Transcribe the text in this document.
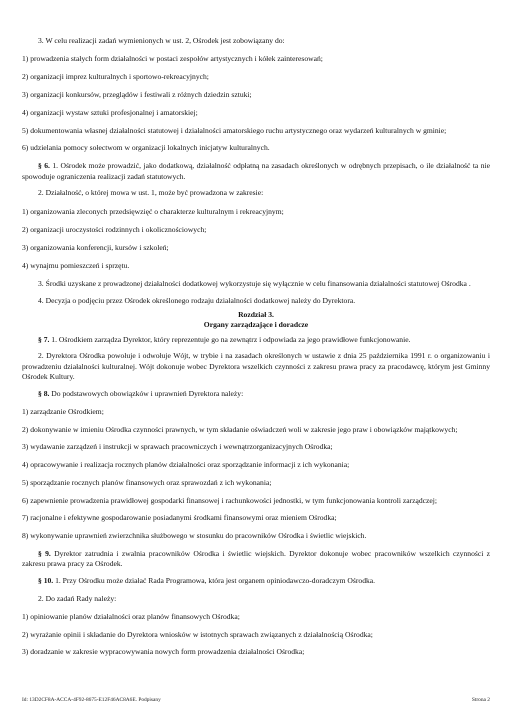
3. W celu realizacji zadań wymienionych w ust. 2, Ośrodek jest zobowiązany do:

1) prowadzenia stałych form działalności w postaci zespołów artystycznych i kółek zainteresowań;

2) organizacji imprez kulturalnych i sportowo-rekreacyjnych;

3) organizacji konkursów, przeglądów i festiwali z różnych dziedzin sztuki;

4) organizacji wystaw sztuki profesjonalnej i amatorskiej;

5) dokumentowania własnej działalności statutowej i działalności amatorskiego ruchu artystycznego oraz wydarzeń kulturalnych w gminie;

6) udzielania pomocy sołectwom w organizacji lokalnych inicjatyw kulturalnych.

§ 6. 1. Ośrodek może prowadzić, jako dodatkową, działalność odpłatną na zasadach określonych w odrębnych przepisach, o ile działalność ta nie spowoduje ograniczenia realizacji zadań statutowych.

2. Działalność, o której mowa w ust. 1, może być prowadzona w zakresie:

1) organizowania zleconych przedsięwzięć o charakterze kulturalnym i rekreacyjnym;

2) organizacji uroczystości rodzinnych i okolicznościowych;

3) organizowania konferencji, kursów i szkoleń;

4) wynajmu pomieszczeń i sprzętu.

3. Środki uzyskane z prowadzonej działalności dodatkowej wykorzystuje się wyłącznie w celu finansowania działalności statutowej Ośrodka .

4. Decyzja o podjęciu przez Ośrodek określonego rodzaju działalności dodatkowej należy do Dyrektora.

Rozdział 3.

Organy zarządzające i doradcze

§ 7. 1. Ośrodkiem zarządza Dyrektor, który reprezentuje go na zewnątrz i odpowiada za jego prawidłowe funkcjonowanie.

2. Dyrektora Ośrodka powołuje i odwołuje Wójt, w trybie i na zasadach określonych w ustawie z dnia 25 października 1991 r. o organizowaniu i prowadzeniu działalności kulturalnej. Wójt dokonuje wobec Dyrektora wszelkich czynności z zakresu prawa pracy za pracodawcę, którym jest Gminny Ośrodek Kultury.

§ 8. Do podstawowych obowiązków i uprawnień Dyrektora należy:

1) zarządzanie Ośrodkiem;

2) dokonywanie w imieniu Ośrodka czynności prawnych, w tym składanie oświadczeń woli w zakresie jego praw i obowiązków majątkowych;

3) wydawanie zarządzeń i instrukcji w sprawach pracowniczych i wewnątrzorganizacyjnych Ośrodka;

4) opracowywanie i realizacja rocznych planów działalności oraz sporządzanie informacji z ich wykonania;

5) sporządzanie rocznych planów finansowych oraz sprawozdań z ich wykonania;

6) zapewnienie prowadzenia prawidłowej gospodarki finansowej i rachunkowości jednostki, w tym funkcjonowania kontroli zarządczej;

7) racjonalne i efektywne gospodarowanie posiadanymi środkami finansowymi oraz mieniem Ośrodka;

8) wykonywanie uprawnień zwierzchnika służbowego w stosunku do pracowników Ośrodka i świetlic wiejskich.

§ 9. Dyrektor zatrudnia i zwalnia pracowników Ośrodka i świetlic wiejskich. Dyrektor dokonuje wobec pracowników wszelkich czynności z zakresu prawa pracy za Ośrodek.

§ 10. 1. Przy Ośrodku może działać Rada Programowa, która jest organem opiniodawczo-doradczym Ośrodka.

2. Do zadań Rady należy:

1) opiniowanie planów działalności oraz planów finansowych Ośrodka;

2) wyrażanie opinii i składanie do Dyrektora wniosków w istotnych sprawach związanych z działalnością Ośrodka;

3) doradzanie w zakresie wypracowywania nowych form prowadzenia działalności Ośrodka;

Id: 13D2CF8A-ACCA-4F92-8675-E12F46AC8A6E. Podpisany	Strona 2
